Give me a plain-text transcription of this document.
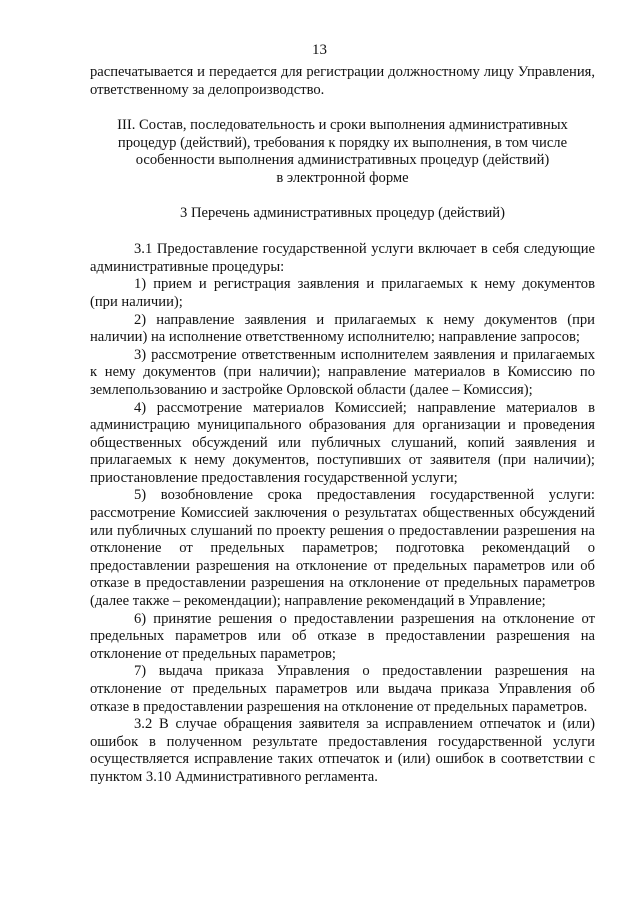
13

распечатывается и передается для регистрации должностному лицу Управления, ответственному за делопроизводство.

III. Состав, последовательность и сроки выполнения административных
процедур (действий), требования к порядку их выполнения, в том числе
особенности выполнения административных процедур (действий)
в электронной форме
3 Перечень административных процедур (действий)

3.1 Предоставление государственной услуги включает в себя следующие административные процедуры:

1) прием и регистрация заявления и прилагаемых к нему документов (при наличии);

2) направление заявления и прилагаемых к нему документов (при наличии) на исполнение ответственному исполнителю; направление запросов;

3) рассмотрение ответственным исполнителем заявления и прилагаемых к нему документов (при наличии); направление материалов в Комиссию по землепользованию и застройке Орловской области (далее – Комиссия);

4) рассмотрение материалов Комиссией; направление материалов в администрацию муниципального образования для организации и проведения общественных обсуждений или публичных слушаний, копий заявления и прилагаемых к нему документов, поступивших от заявителя (при наличии); приостановление предоставления государственной услуги;

5) возобновление срока предоставления государственной услуги: рассмотрение Комиссией заключения о результатах общественных обсуждений или публичных слушаний по проекту решения о предоставлении разрешения на отклонение от предельных параметров; подготовка рекомендаций о предоставлении разрешения на отклонение от предельных параметров или об отказе в предоставлении разрешения на отклонение от предельных параметров (далее также – рекомендации); направление рекомендаций в Управление;

6) принятие решения о предоставлении разрешения на отклонение от предельных параметров или об отказе в предоставлении разрешения на отклонение от предельных параметров;

7) выдача приказа Управления о предоставлении разрешения на отклонение от предельных параметров или выдача приказа Управления об отказе в предоставлении разрешения на отклонение от предельных параметров.

3.2 В случае обращения заявителя за исправлением отпечаток и (или) ошибок в полученном результате предоставления государственной услуги осуществляется исправление таких отпечаток и (или) ошибок в соответствии с пунктом 3.10 Административного регламента.
